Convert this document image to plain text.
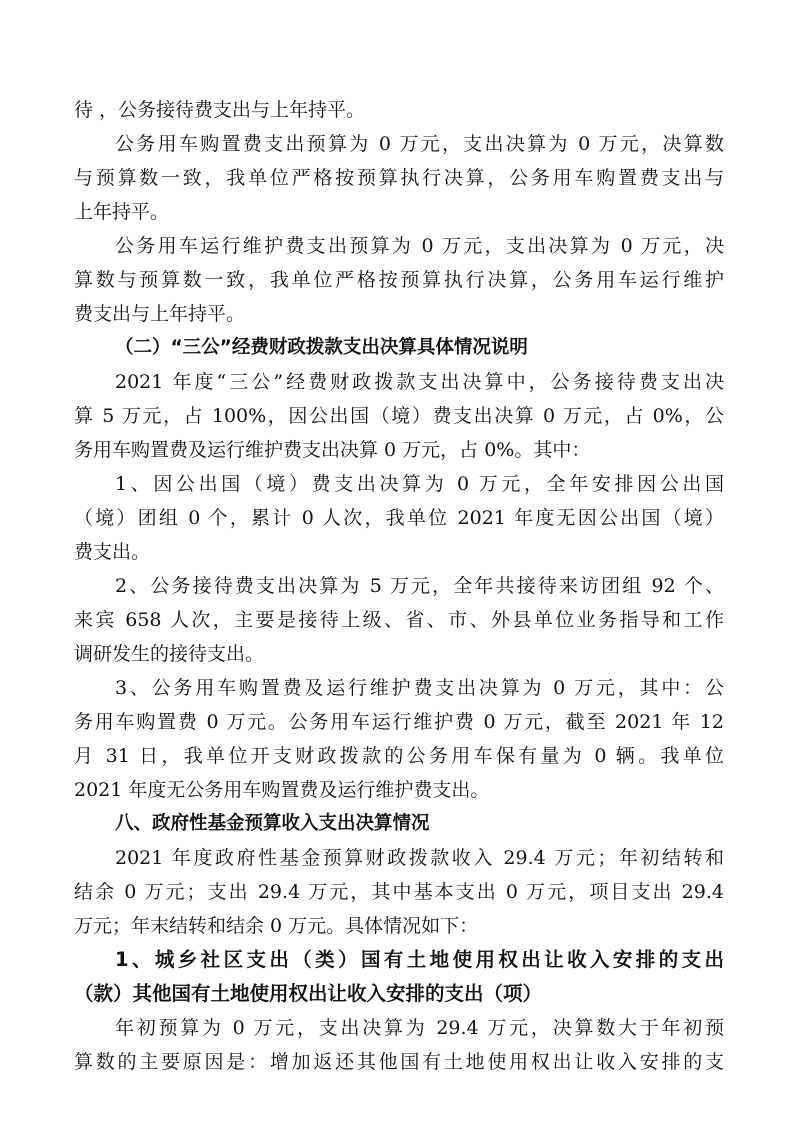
待 ，公务接待费支出与上年持平。
公务用车购置费支出预算为 0 万元，支出决算为 0 万元，决算数
与预算数一致，我单位严格按预算执行决算，公务用车购置费支出与
上年持平。
公务用车运行维护费支出预算为 0 万元，支出决算为 0 万元，决
算数与预算数一致，我单位严格按预算执行决算，公务用车运行维护
费支出与上年持平。
（二）“三公”经费财政拨款支出决算具体情况说明
2021 年度“三公”经费财政拨款支出决算中，公务接待费支出决
算 5 万元，占 100%，因公出国（境）费支出决算 0 万元，占 0%，公
务用车购置费及运行维护费支出决算 0 万元，占 0%。其中：
1、因公出国（境）费支出决算为 0 万元，全年安排因公出国
（境）团组 0 个，累计 0 人次，我单位 2021 年度无因公出国（境）
费支出。
2、公务接待费支出决算为 5 万元，全年共接待来访团组 92 个、
来宾 658 人次，主要是接待上级、省、市、外县单位业务指导和工作
调研发生的接待支出。
3、公务用车购置费及运行维护费支出决算为 0 万元，其中：公
务用车购置费 0 万元。公务用车运行维护费 0 万元，截至 2021 年 12
月 31 日，我单位开支财政拨款的公务用车保有量为 0 辆。我单位
2021 年度无公务用车购置费及运行维护费支出。
八、政府性基金预算收入支出决算情况
2021 年度政府性基金预算财政拨款收入 29.4 万元；年初结转和
结余 0 万元；支出 29.4 万元，其中基本支出 0 万元，项目支出 29.4
万元；年末结转和结余 0 万元。具体情况如下：
1、城乡社区支出（类）国有土地使用权出让收入安排的支出
（款）其他国有土地使用权出让收入安排的支出（项）
年初预算为 0 万元，支出决算为 29.4 万元，决算数大于年初预
算数的主要原因是：增加返还其他国有土地使用权出让收入安排的支
